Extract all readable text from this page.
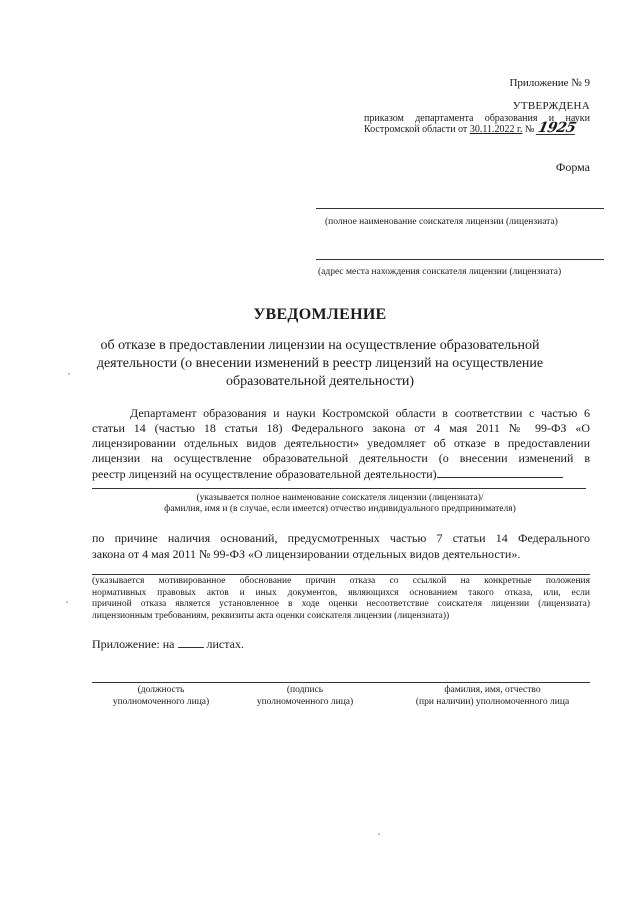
Приложение № 9
УТВЕРЖДЕНА
приказом департамента образования и науки
Костромской области от 30.11.2022 г. № 1925
Форма
(полное наименование соискателя лицензии (лицензиата)
(адрес места нахождения соискателя лицензии (лицензиата)
УВЕДОМЛЕНИЕ
об отказе в предоставлении лицензии на осуществление образовательной
деятельности (о внесении изменений в реестр лицензий на осуществление
образовательной деятельности)
Департамент образования и науки Костромской области в соответствии с частью 6
статьи 14 (частью 18 статьи 18) Федерального закона от 4 мая 2011 № 99-ФЗ «О
лицензировании отдельных видов деятельности» уведомляет об отказе в предоставлении
лицензии на осуществление образовательной деятельности (о внесении изменений в
реестр лицензий на осуществление образовательной деятельности)
(указывается полное наименование соискателя лицензии (лицензиата)/
фамилия, имя и (в случае, если имеется) отчество индивидуального предпринимателя)
по причине наличия оснований, предусмотренных частью 7 статьи 14 Федерального
закона от 4 мая 2011 № 99-ФЗ «О лицензировании отдельных видов деятельности».
(указывается мотивированное обоснование причин отказа со ссылкой на конкретные положения
нормативных правовых актов и иных документов, являющихся основанием такого отказа, или, если
причиной отказа является установленное в ходе оценки несоответствие соискателя лицензии (лицензиата)
лицензионным требованиям, реквизиты акта оценки соискателя лицензии (лицензиата))
Приложение: на	листах.
(должность
уполномоченного лица)
(подпись
уполномоченного лица)
фамилия, имя, отчество
(при наличии) уполномоченного лица
